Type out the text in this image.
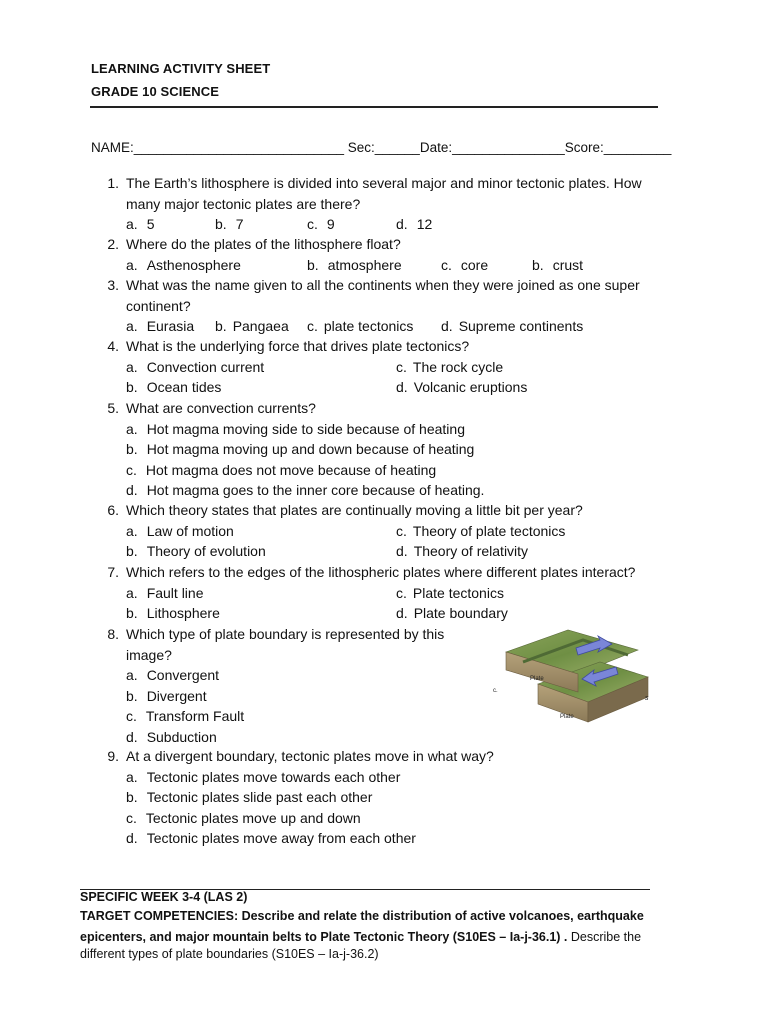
LEARNING ACTIVITY SHEET
GRADE 10 SCIENCE
NAME:____________________________ Sec:______Date:_______________Score:_________
1. The Earth’s lithosphere is divided into several major and minor tectonic plates. How
many major tectonic plates are there?
a. 5	b. 7	c. 9	d. 12
2. Where do the plates of the lithosphere float?
a. Asthenosphere	b. atmosphere	c. core	b. crust
3. What was the name given to all the continents when they were joined as one super
continent?
a. Eurasia b. Pangaea c. plate tectonics d. Supreme continents
4. What is the underlying force that drives plate tectonics?
a. Convection current	c. The rock cycle
b. Ocean tides	d. Volcanic eruptions
5. What are convection currents?
a. Hot magma moving side to side because of heating
b. Hot magma moving up and down because of heating
c. Hot magma does not move because of heating
d. Hot magma goes to the inner core because of heating.
6. Which theory states that plates are continually moving a little bit per year?
a. Law of motion	c. Theory of plate tectonics
b. Theory of evolution	d. Theory of relativity
7. Which refers to the edges of the lithospheric plates where different plates interact?
a. Fault line	c. Plate tectonics
b. Lithosphere	d. Plate boundary
8. Which type of plate boundary is represented by this
image?
a. Convergent
b. Divergent
c. Transform Fault
d. Subduction
9. At a divergent boundary, tectonic plates move in what way?
a. Tectonic plates move towards each other
b. Tectonic plates slide past each other
c. Tectonic plates move up and down
d. Tectonic plates move away from each other
Plate
Plate
c.
s
SPECIFIC WEEK 3-4 (LAS 2)
TARGET COMPETENCIES: Describe and relate the distribution of active volcanoes, earthquake
epicenters, and major mountain belts to Plate Tectonic Theory (S10ES – Ia-j-36.1) . Describe the
different types of plate boundaries (S10ES – Ia-j-36.2)
